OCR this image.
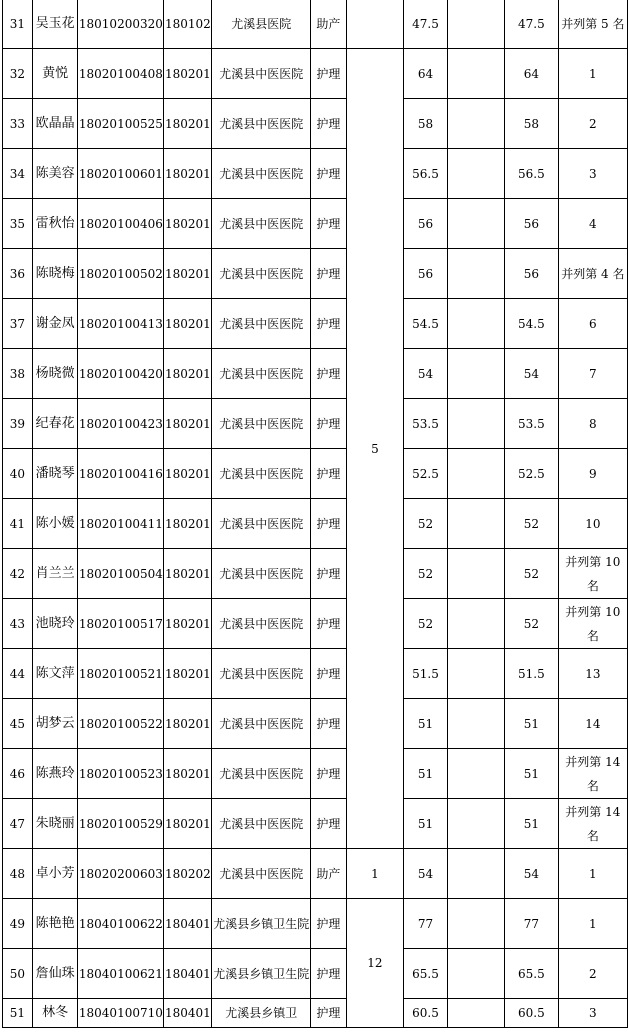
31	吴玉花	18010200320	180102	尤溪县医院	助产		47.5		47.5	并列第 5 名
32	黄悦	18020100408	180201	尤溪县中医医院	护理	5	64		64	1
33	欧晶晶	18020100525	180201	尤溪县中医医院	护理		58		58	2
34	陈美容	18020100601	180201	尤溪县中医医院	护理		56.5		56.5	3
35	雷秋怡	18020100406	180201	尤溪县中医医院	护理		56		56	4
36	陈晓梅	18020100502	180201	尤溪县中医医院	护理		56		56	并列第 4 名
37	谢金凤	18020100413	180201	尤溪县中医医院	护理		54.5		54.5	6
38	杨晓微	18020100420	180201	尤溪县中医医院	护理		54		54	7
39	纪春花	18020100423	180201	尤溪县中医医院	护理		53.5		53.5	8
40	潘晓琴	18020100416	180201	尤溪县中医医院	护理		52.5		52.5	9
41	陈小媛	18020100411	180201	尤溪县中医医院	护理		52		52	10
42	肖兰兰	18020100504	180201	尤溪县中医医院	护理		52		52	并列第 10 名
43	池晓玲	18020100517	180201	尤溪县中医医院	护理		52		52	并列第 10 名
44	陈文萍	18020100521	180201	尤溪县中医医院	护理		51.5		51.5	13
45	胡梦云	18020100522	180201	尤溪县中医医院	护理		51		51	14
46	陈燕玲	18020100523	180201	尤溪县中医医院	护理		51		51	并列第 14 名
47	朱晓丽	18020100529	180201	尤溪县中医医院	护理		51		51	并列第 14 名
48	卓小芳	18020200603	180202	尤溪县中医医院	助产	1	54		54	1
49	陈艳艳	18040100622	180401	尤溪县乡镇卫生院	护理	12	77		77	1
50	詹仙珠	18040100621	180401	尤溪县乡镇卫生院	护理		65.5		65.5	2
51	林冬	18040100710	180401	尤溪县乡镇卫	护理		60.5		60.5	3
